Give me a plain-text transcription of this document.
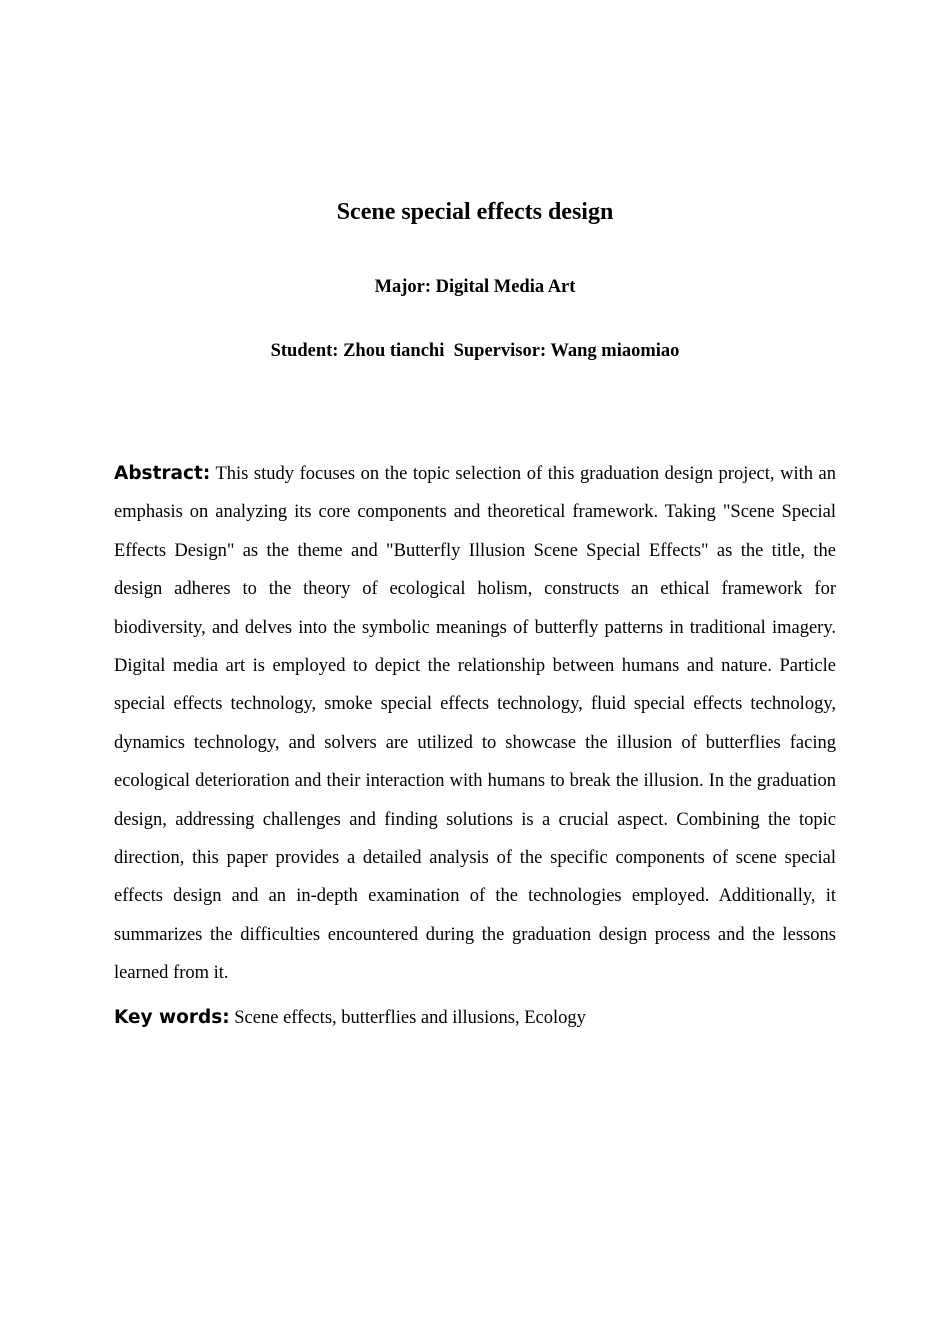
Scene special effects design
Major: Digital Media Art
Student: Zhou tianchi  Supervisor: Wang miaomiao

Abstract: This study focuses on the topic selection of this graduation design project, with an emphasis on analyzing its core components and theoretical framework. Taking "Scene Special Effects Design" as the theme and "Butterfly Illusion Scene Special Effects" as the title, the design adheres to the theory of ecological holism, constructs an ethical framework for biodiversity, and delves into the symbolic meanings of butterfly patterns in traditional imagery. Digital media art is employed to depict the relationship between humans and nature. Particle special effects technology, smoke special effects technology, fluid special effects technology, dynamics technology, and solvers are utilized to showcase the illusion of butterflies facing ecological deterioration and their interaction with humans to break the illusion. In the graduation design, addressing challenges and finding solutions is a crucial aspect. Combining the topic direction, this paper provides a detailed analysis of the specific components of scene special effects design and an in-depth examination of the technologies employed. Additionally, it summarizes the difficulties encountered during the graduation design process and the lessons learned from it.

Key words: Scene effects, butterflies and illusions, Ecology
